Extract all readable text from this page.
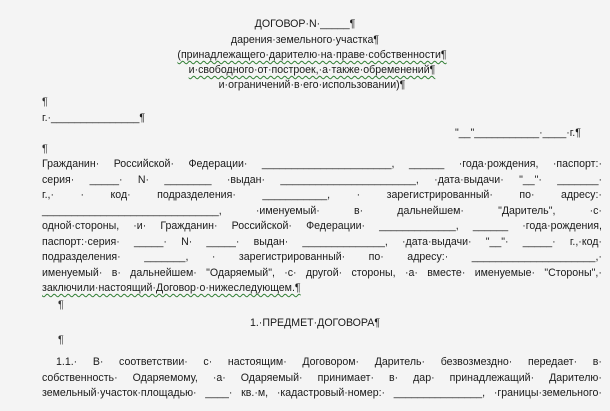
ДОГОВОР·N·_____¶
дарения·земельного·участка¶
(принадлежащего·дарителю·на·праве·собственности¶
и·свободного·от·построек,·а·также·обременений¶
и·ограничений·в·его·использовании)¶
¶
г.·_______________¶
"__"___________·____·г.¶
¶
Гражданин· Российской· Федерации· ______________________, ______ ·года·рождения, ·паспорт:·
серия· _____· N· ________ ·выдан· _______________________, ·дата·выдачи· "__"· _______·
г.,·	·	код·	подразделения·	___________,	·	зарегистрированный·	по·	адресу:·
______________________________,	·именуемый·	в·	дальнейшем·	"Даритель",	·с·
одной·стороны, ·и· Гражданин· Российской· Федерации· _____________, ______ ·года·рождения,
паспорт:·серия· _____· N· _____· выдан· ______________, ·дата·выдачи· "__"· _____· г.,·код·
подразделения· _______, · зарегистрированный· по· адресу:· _____________________,·
именуемый· в· дальнейшем· "Одаряемый", ·с· другой· стороны, ·а· вместе· именуемые· "Стороны",·
заключили·настоящий·Договор·о·нижеследующем.¶
¶
1.·ПРЕДМЕТ·ДОГОВОРА¶
¶
1.1.· В· соответствии· с· настоящим· Договором· Даритель· безвозмездно· передает· в·
собственность· Одаряемому, ·а· Одаряемый· принимает· в· дар· принадлежащий· Дарителю·
земельный·участок·площадью· ____· кв.·м, ·кадастровый·номер:· _______________, ·границы·земельного·
